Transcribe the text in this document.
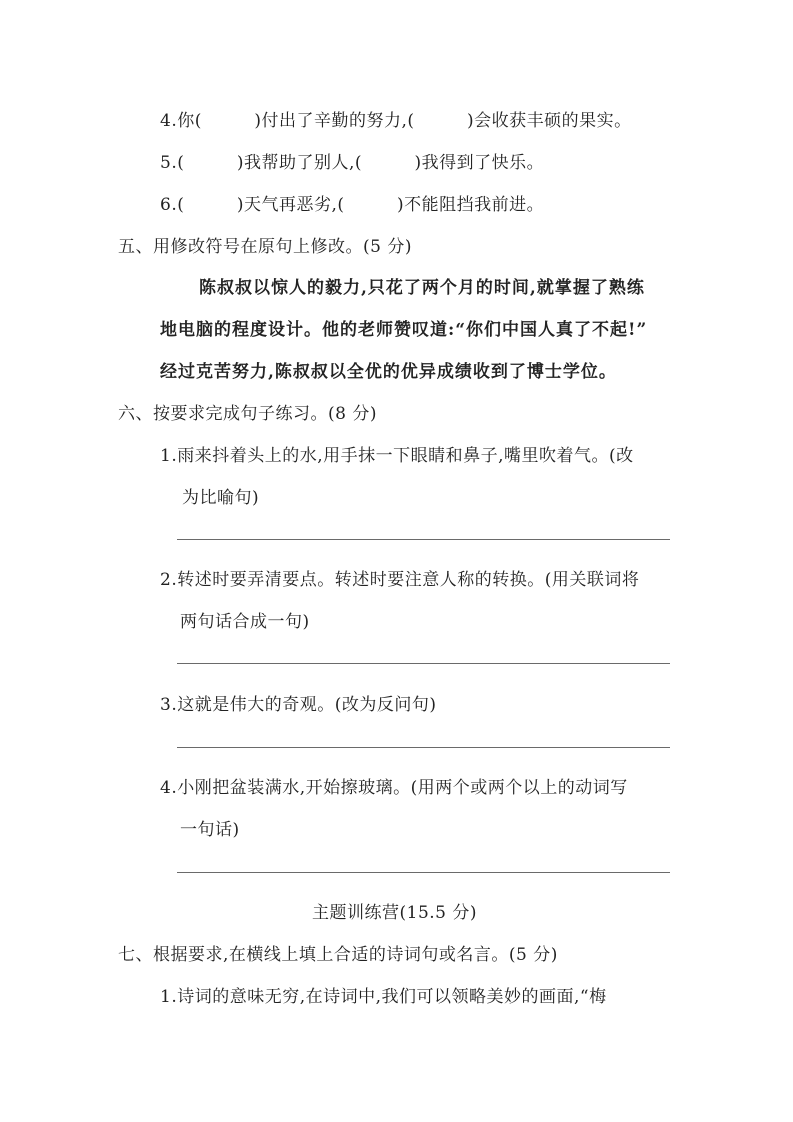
4.你(　　　)付出了辛勤的努力,(　　　)会收获丰硕的果实。
5.(　　　)我帮助了别人,(　　　)我得到了快乐。
6.(　　　)天气再恶劣,(　　　)不能阻挡我前进。
五、用修改符号在原句上修改。(5 分)
陈叔叔以惊人的毅力,只花了两个月的时间,就掌握了熟练
地电脑的程度设计。他的老师赞叹道:“你们中国人真了不起!”
经过克苦努力,陈叔叔以全优的优异成绩收到了博士学位。
六、按要求完成句子练习。(8 分)
1.雨来抖着头上的水,用手抹一下眼睛和鼻子,嘴里吹着气。(改
为比喻句)
2.转述时要弄清要点。转述时要注意人称的转换。(用关联词将
两句话合成一句)
3.这就是伟大的奇观。(改为反问句)
4.小刚把盆装满水,开始擦玻璃。(用两个或两个以上的动词写
一句话)
主题训练营(15.5 分)
七、根据要求,在横线上填上合适的诗词句或名言。(5 分)
1.诗词的意味无穷,在诗词中,我们可以领略美妙的画面,“梅
